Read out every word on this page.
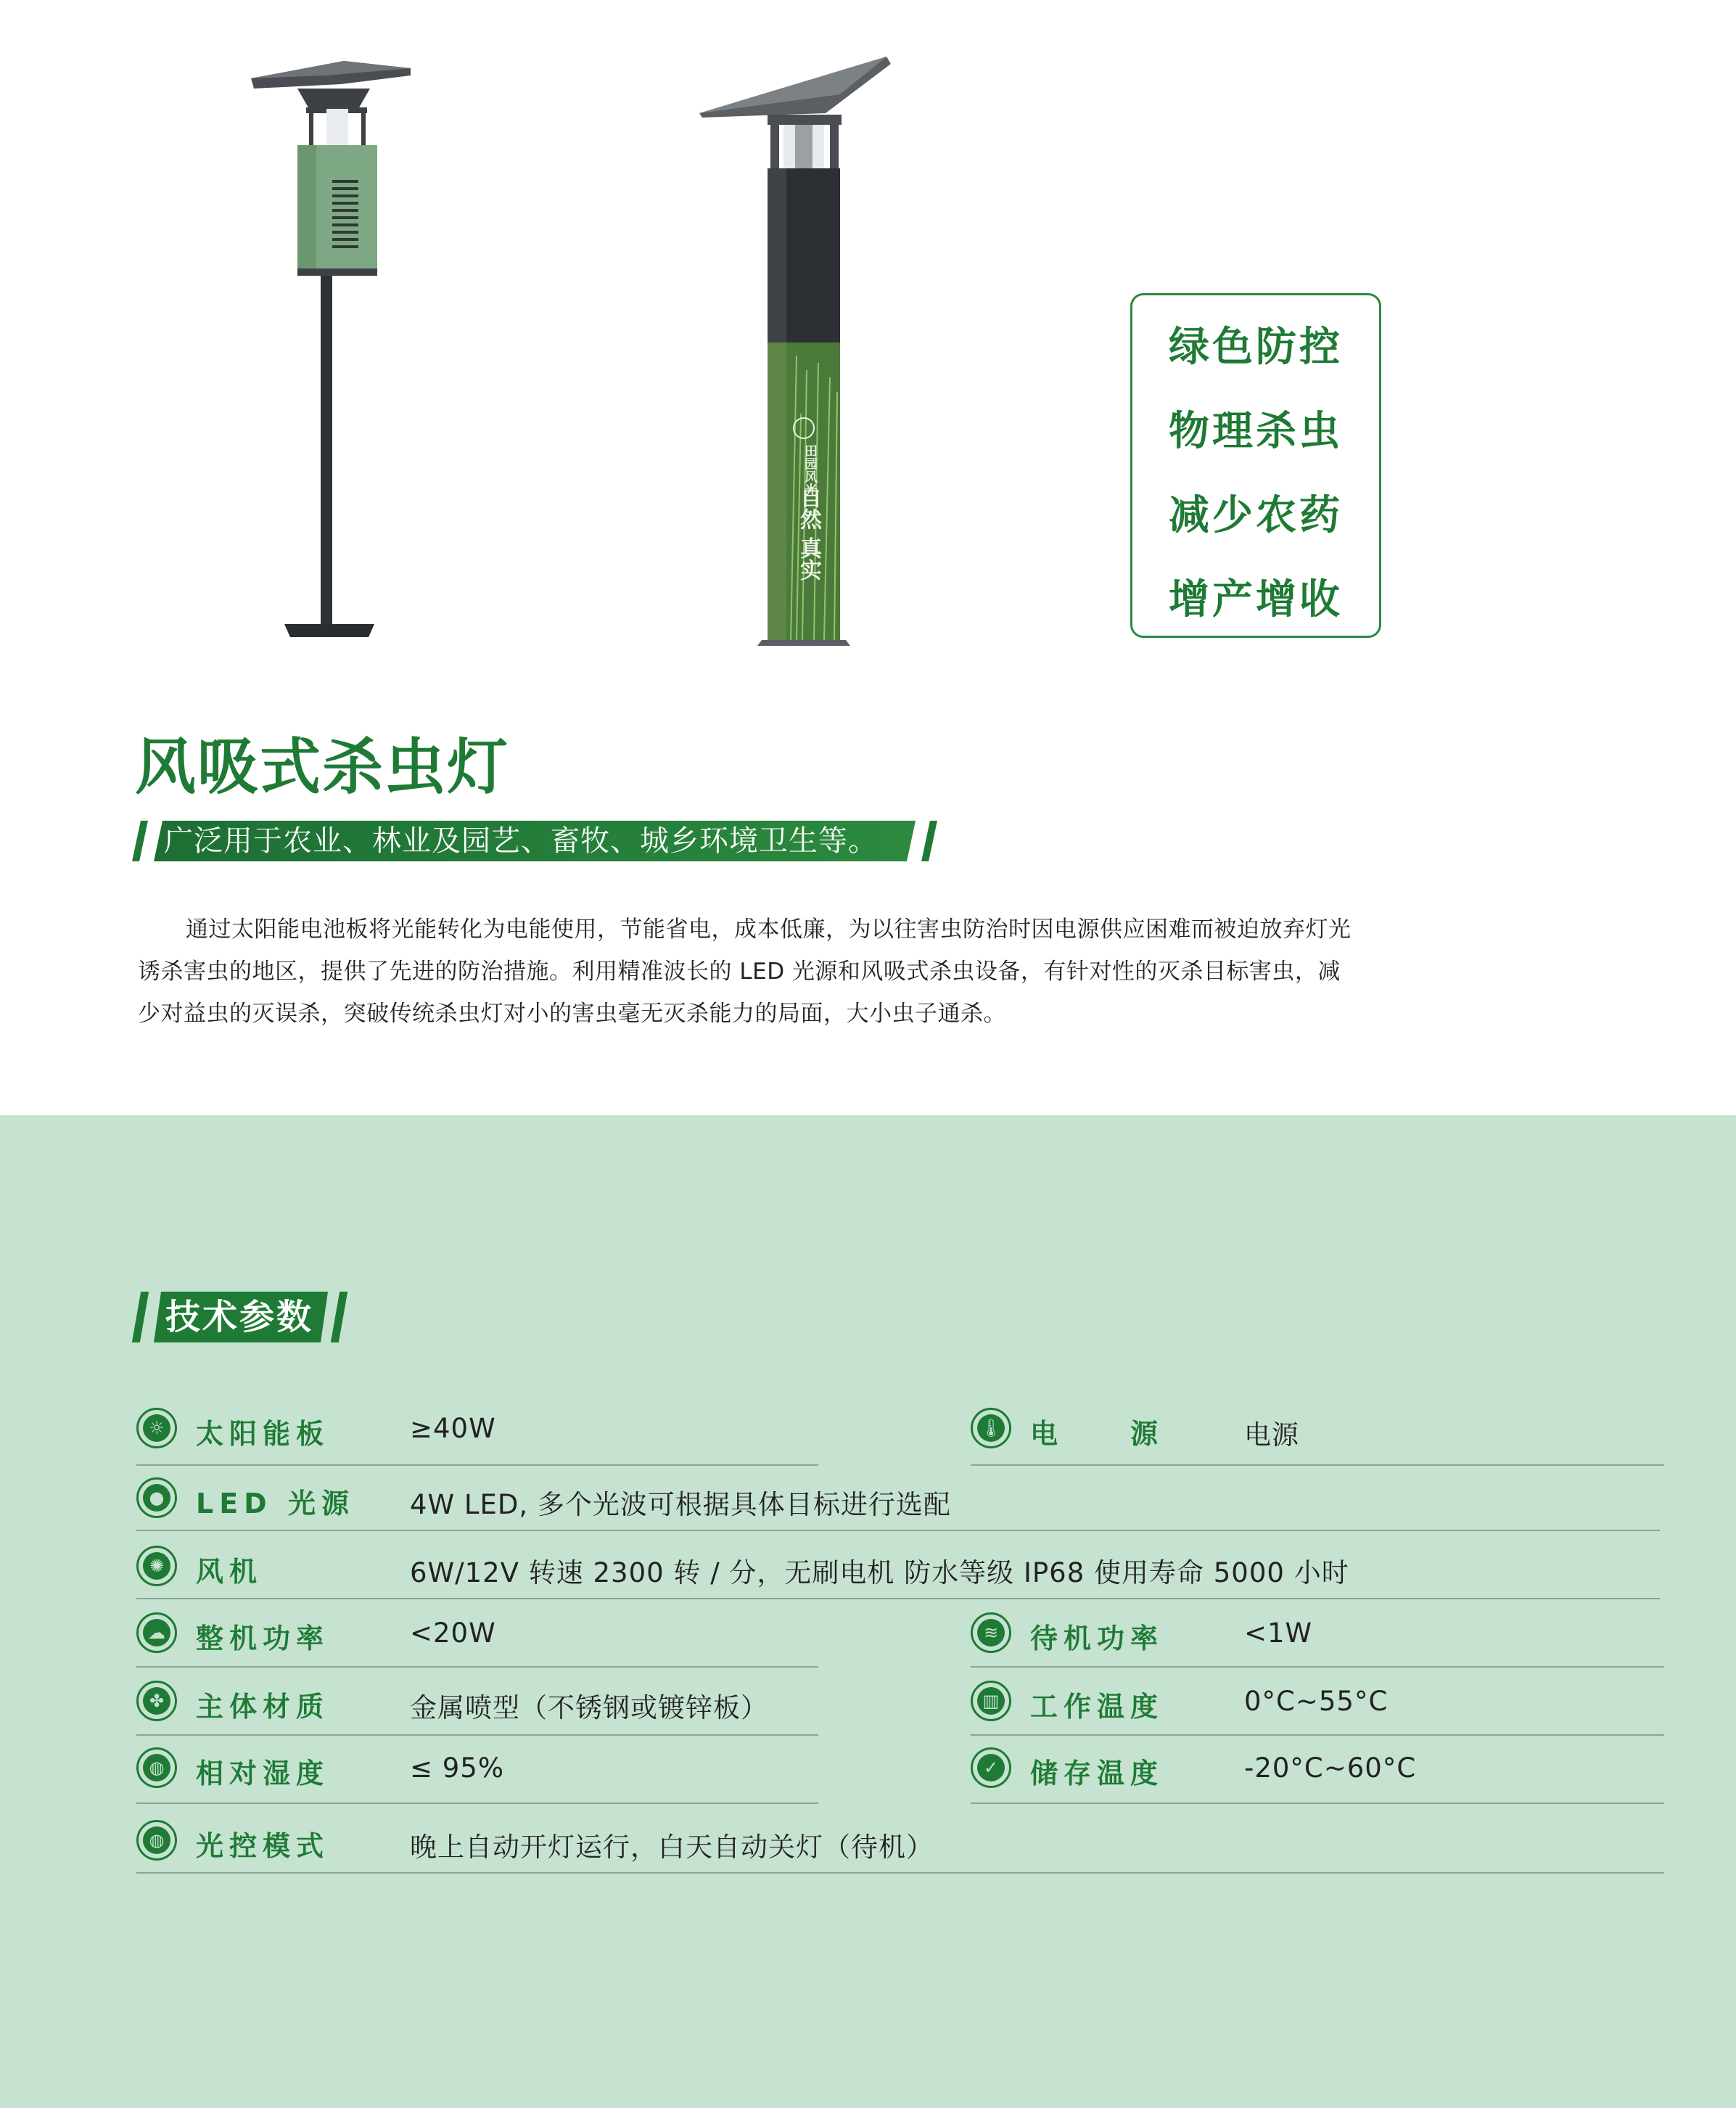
田园风光
自然
真实
绿色防控
物理杀虫
减少农药
增产增收
风吸式杀虫灯
广泛用于农业、林业及园艺、畜牧、城乡环境卫生等。
通过太阳能电池板将光能转化为电能使用，节能省电，成本低廉，为以往害虫防治时因电源供应困难而被迫放弃灯光诱杀害虫的地区，提供了先进的防治措施。利用精准波长的 LED 光源和风吸式杀虫设备，有针对性的灭杀目标害虫，减少对益虫的灭误杀，突破传统杀虫灯对小的害虫毫无灭杀能力的局面，大小虫子通杀。
技术参数
☼ 太阳能板	≥40W	🌡 电　　源	电源
● LED 光源 4W LED, 多个光波可根据具体目标进行选配
✺ 风机	6W/12V 转速 2300 转 / 分，无刷电机 防水等级 IP68 使用寿命 5000 小时
☁ 整机功率	<20W	≋ 待机功率	<1W
✤ 主体材质	金属喷型（不锈钢或镀锌板）	▥ 工作温度	0°C~55°C
◍ 相对湿度	≤ 95%	✓ 储存温度	-20°C~60°C
◍ 光控模式	晚上自动开灯运行，白天自动关灯（待机）
